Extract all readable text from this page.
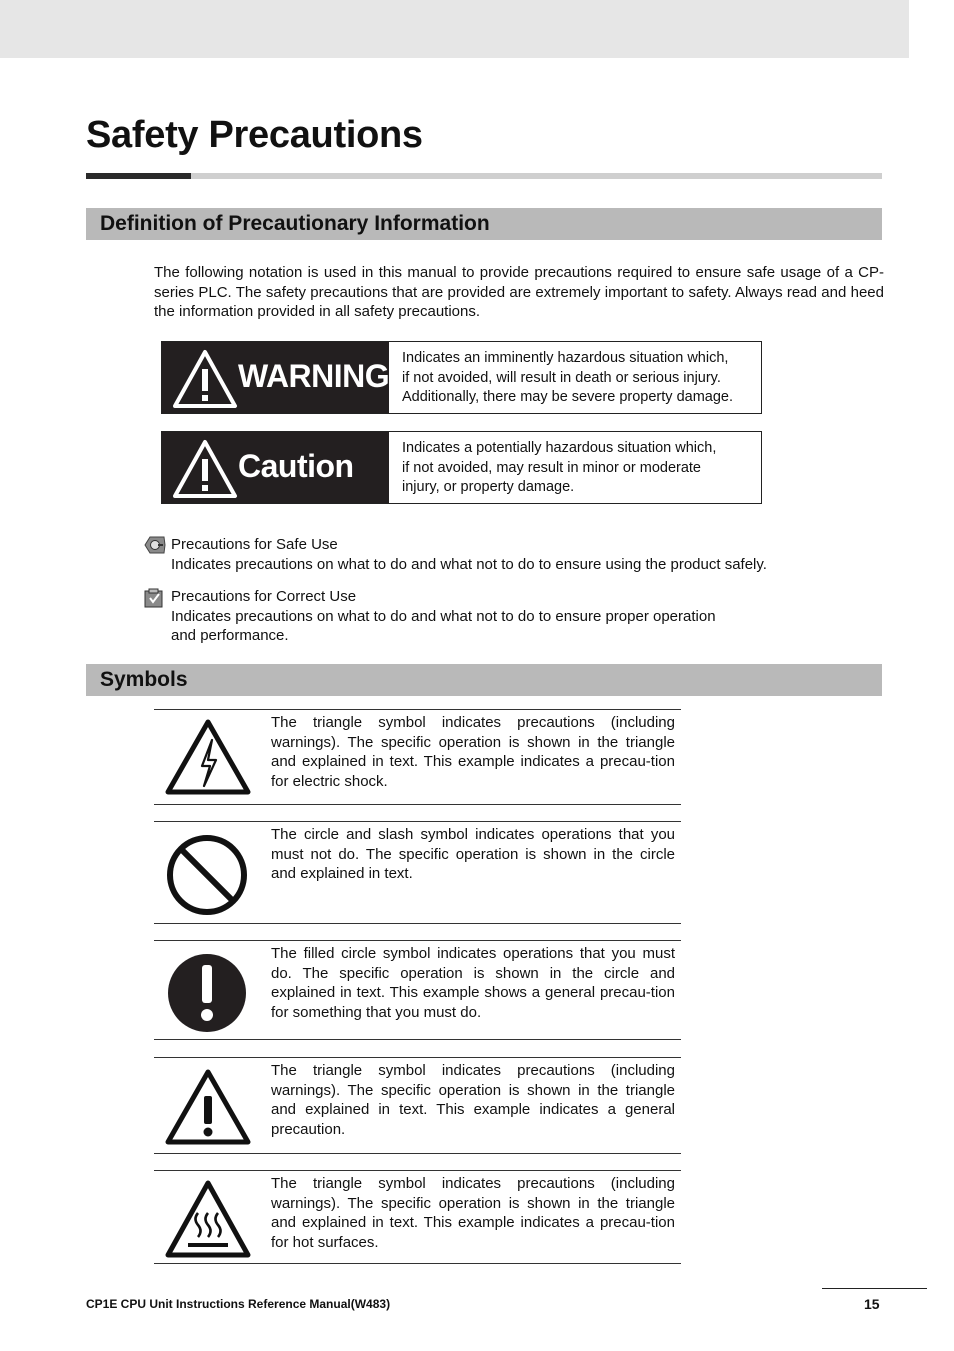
Safety Precautions
Definition of Precautionary Information
The following notation is used in this manual to provide precautions required to ensure safe usage of a CP-series PLC. The safety precautions that are provided are extremely important to safety. Always read and heed the information provided in all safety precautions.
WARNING Indicates an imminently hazardous situation which,
if not avoided, will result in death or serious injury.
Additionally, there may be severe property damage.
Caution	Indicates a potentially hazardous situation which,
if not avoided, may result in minor or moderate
injury, or property damage.
Precautions for Safe Use
Indicates precautions on what to do and what not to do to ensure using the product safely.
Precautions for Correct Use
Indicates precautions on what to do and what not to do to ensure proper operation
and performance.
Symbols
The triangle symbol indicates precautions (including warnings). The specific operation is shown in the triangle and explained in text. This example indicates a precau-tion for electric shock.
The circle and slash symbol indicates operations that you must not do. The specific operation is shown in the circle and explained in text.
The filled circle symbol indicates operations that you must do. The specific operation is shown in the circle and explained in text. This example shows a general precau-tion for something that you must do.
The triangle symbol indicates precautions (including warnings). The specific operation is shown in the triangle and explained in text. This example indicates a general precaution.
The triangle symbol indicates precautions (including warnings). The specific operation is shown in the triangle and explained in text. This example indicates a precau-tion for hot surfaces.
CP1E CPU Unit Instructions Reference Manual(W483)	15
